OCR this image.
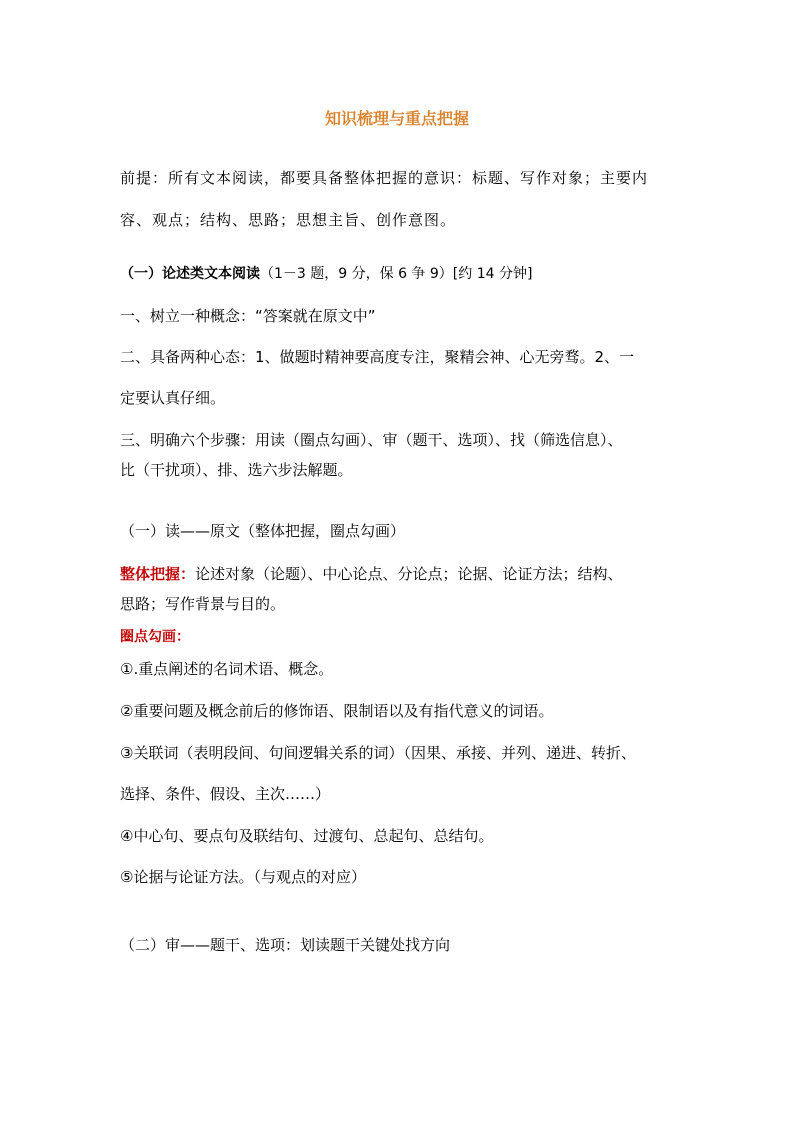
知识梳理与重点把握
前提：所有文本阅读，都要具备整体把握的意识：标题、写作对象；主要内
容、观点；结构、思路；思想主旨、创作意图。
（一）论述类文本阅读（1－3 题，9 分，保 6 争 9）[约 14 分钟]
一、树立一种概念：“答案就在原文中”
二、具备两种心态：1、做题时精神要高度专注，聚精会神、心无旁骛。2、一
定要认真仔细。
三、明确六个步骤：用读（圈点勾画）、审（题干、选项）、找（筛选信息）、
比（干扰项）、排、选六步法解题。
（一）读——原文（整体把握，圈点勾画）
整体把握：论述对象（论题）、中心论点、分论点；论据、论证方法；结构、
思路；写作背景与目的。
圈点勾画：
①.重点阐述的名词术语、概念。
②重要问题及概念前后的修饰语、限制语以及有指代意义的词语。
③关联词（表明段间、句间逻辑关系的词）（因果、承接、并列、递进、转折、
选择、条件、假设、主次……）
④中心句、要点句及联结句、过渡句、总起句、总结句。
⑤论据与论证方法。（与观点的对应）
（二）审——题干、选项：划读题干关键处找方向
